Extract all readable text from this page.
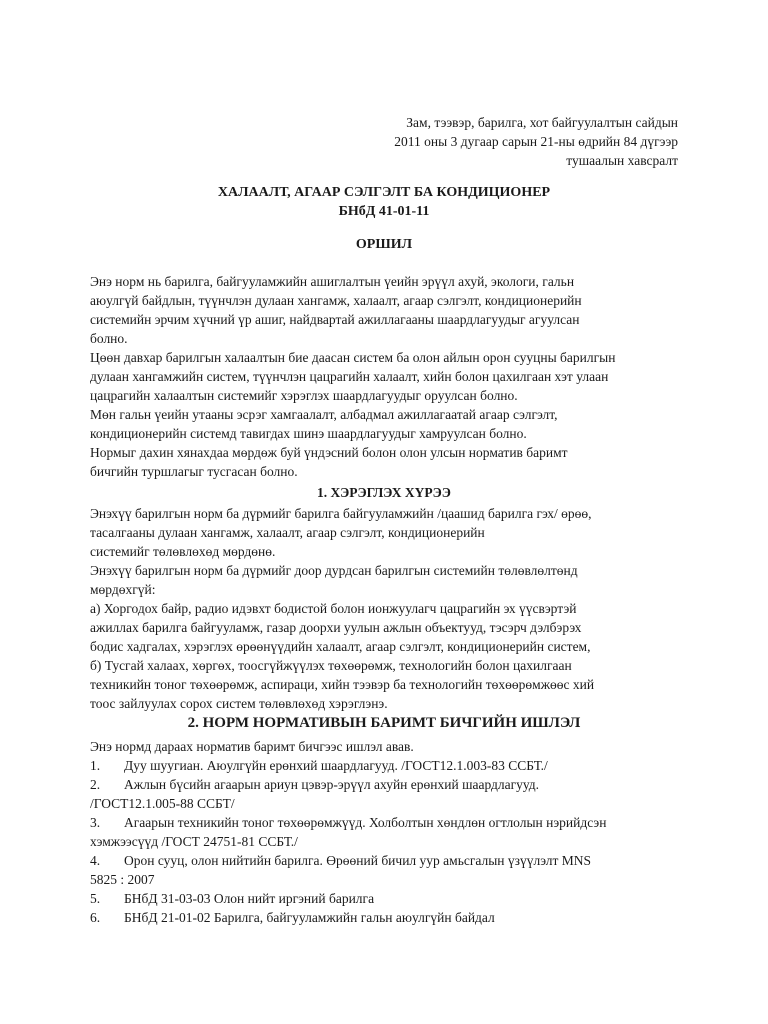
Зам, тээвэр, барилга, хот байгуулалтын сайдын
2011 оны 3 дугаар сарын 21-ны өдрийн 84 дүгээр
тушаалын хавсралт
ХАЛААЛТ, АГААР СЭЛГЭЛТ БА КОНДИЦИОНЕР
БНбД 41-01-11
ОРШИЛ
Энэ норм нь барилга, байгууламжийн ашиглалтын үеийн эрүүл ахуй, экологи, гальн
аюулгүй байдлын, түүнчлэн дулаан хангамж, халаалт, агаар сэлгэлт, кондиционерийн
системийн эрчим хүчний үр ашиг, найдвартай ажиллагааны шаардлагуудыг агуулсан
болно.
Цөөн давхар барилгын халаалтын бие даасан систем ба олон айлын орон сууцны барилгын
дулаан хангамжийн систем, түүнчлэн цацрагийн халаалт, хийн болон цахилгаан хэт улаан
цацрагийн халаалтын системийг хэрэглэх шаардлагуудыг оруулсан болно.
Мөн гальн үеийн утааны эсрэг хамгаалалт, албадмал ажиллагаатай агаар сэлгэлт,
кондиционерийн системд тавигдах шинэ шаардлагуудыг хамруулсан болно.
Нормыг дахин хянахдаа мөрдөж буй үндэсний болон олон улсын норматив баримт
бичгийн туршлагыг тусгасан болно.
1. ХЭРЭГЛЭХ ХҮРЭЭ
Энэхүү барилгын норм ба дүрмийг барилга байгууламжийн /цаашид барилга гэх/ өрөө,
тасалгааны дулаан хангамж, халаалт, агаар сэлгэлт, кондиционерийн
системийг төлөвлөхөд мөрдөнө.
Энэхүү барилгын норм ба дүрмийг доор дурдсан барилгын системийн төлөвлөлтөнд
мөрдөхгүй:
а) Хоргодох байр, радио идэвхт бодистой болон ионжуулагч цацрагийн эх үүсвэртэй
ажиллах барилга байгууламж, газар доорхи уулын ажлын объектууд, тэсэрч дэлбэрэх
бодис хадгалах, хэрэглэх өрөөнүүдийн халаалт, агаар сэлгэлт, кондиционерийн систем,
б) Тусгай халаах, хөргөх, тоосгүйжүүлэх төхөөрөмж, технологийн болон цахилгаан
техникийн тоног төхөөрөмж, аспираци, хийн тээвэр ба технологийн төхөөрөмжөөс хий
тоос зайлуулах сорох систем төлөвлөхөд хэрэглэнэ.
2. НОРМ НОРМАТИВЫН БАРИМТ БИЧГИЙН ИШЛЭЛ
Энэ нормд дараах норматив баримт бичгээс ишлэл авав.
1. Дуу шуугиан. Аюулгүйн ерөнхий шаардлагууд. /ГОСТ12.1.003-83 ССБТ./
2. Ажлын бүсийн агаарын ариун цэвэр-эрүүл ахуйн ерөнхий шаардлагууд.
/ГОСТ12.1.005-88 ССБТ/
3. Агаарын техникийн тоног төхөөрөмжүүд. Холболтын хөндлөн огтлолын нэрийдсэн
хэмжээсүүд /ГОСТ 24751-81 ССБТ./
4. Орон сууц, олон нийтийн барилга. Өрөөний бичил уур амьсгалын үзүүлэлт MNS
5825 : 2007
5. БНбД 31-03-03 Олон нийт иргэний барилга
6. БНбД 21-01-02 Барилга, байгууламжийн гальн аюулгүйн байдал
